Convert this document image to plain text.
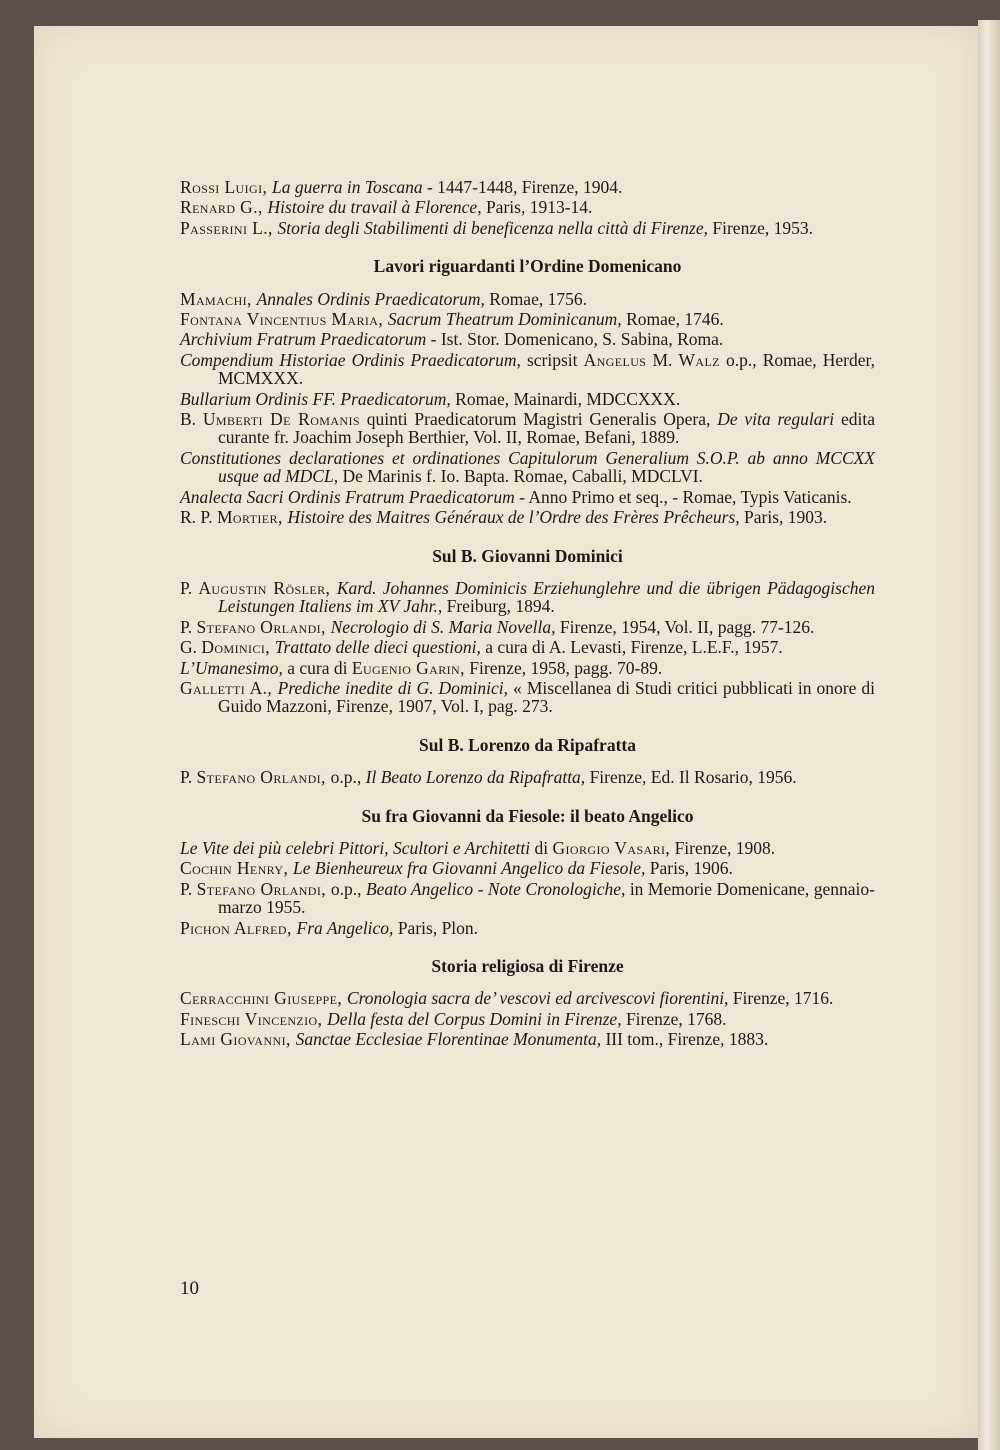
Rossi Luigi, La guerra in Toscana - 1447-1448, Firenze, 1904.

Renard G., Histoire du travail à Florence, Paris, 1913-14.

Passerini L., Storia degli Stabilimenti di beneficenza nella città di Firenze, Firenze, 1953.

Lavori riguardanti l’Ordine Domenicano

Mamachi, Annales Ordinis Praedicatorum, Romae, 1756.

Fontana Vincentius Maria, Sacrum Theatrum Dominicanum, Romae, 1746.

Archivium Fratrum Praedicatorum - Ist. Stor. Domenicano, S. Sabina, Roma.

Compendium Historiae Ordinis Praedicatorum, scripsit Angelus M. Walz o.p., Romae, Herder, MCMXXX.

Bullarium Ordinis FF. Praedicatorum, Romae, Mainardi, MDCCXXX.

B. Umberti De Romanis quinti Praedicatorum Magistri Generalis Opera, De vita regulari edita curante fr. Joachim Joseph Berthier, Vol. II, Romae, Befani, 1889.

Constitutiones declarationes et ordinationes Capitulorum Generalium S.O.P. ab anno MCCXX usque ad MDCL, De Marinis f. Io. Bapta. Romae, Caballi, MDCLVI.

Analecta Sacri Ordinis Fratrum Praedicatorum - Anno Primo et seq., - Romae, Typis Vaticanis.

R. P. Mortier, Histoire des Maitres Généraux de l’Ordre des Frères Prêcheurs, Paris, 1903.

Sul B. Giovanni Dominici

P. Augustin Rösler, Kard. Johannes Dominicis Erziehunglehre und die übrigen Pädagogischen Leistungen Italiens im XV Jahr., Freiburg, 1894.

P. Stefano Orlandi, Necrologio di S. Maria Novella, Firenze, 1954, Vol. II, pagg. 77-126.

G. Dominici, Trattato delle dieci questioni, a cura di A. Levasti, Firenze, L.E.F., 1957.

L’Umanesimo, a cura di Eugenio Garin, Firenze, 1958, pagg. 70-89.

Galletti A., Prediche inedite di G. Dominici, « Miscellanea di Studi critici pubblicati in onore di Guido Mazzoni, Firenze, 1907, Vol. I, pag. 273.

Sul B. Lorenzo da Ripafratta

P. Stefano Orlandi, o.p., Il Beato Lorenzo da Ripafratta, Firenze, Ed. Il Rosario, 1956.

Su fra Giovanni da Fiesole: il beato Angelico

Le Vite dei più celebri Pittori, Scultori e Architetti di Giorgio Vasari, Firenze, 1908.

Cochin Henry, Le Bienheureux fra Giovanni Angelico da Fiesole, Paris, 1906.

P. Stefano Orlandi, o.p., Beato Angelico - Note Cronologiche, in Memorie Domenicane, gennaio-marzo 1955.

Pichon Alfred, Fra Angelico, Paris, Plon.

Storia religiosa di Firenze

Cerracchini Giuseppe, Cronologia sacra de’ vescovi ed arcivescovi fiorentini, Firenze, 1716.

Fineschi Vincenzio, Della festa del Corpus Domini in Firenze, Firenze, 1768.

Lami Giovanni, Sanctae Ecclesiae Florentinae Monumenta, III tom., Firenze, 1883.

10
